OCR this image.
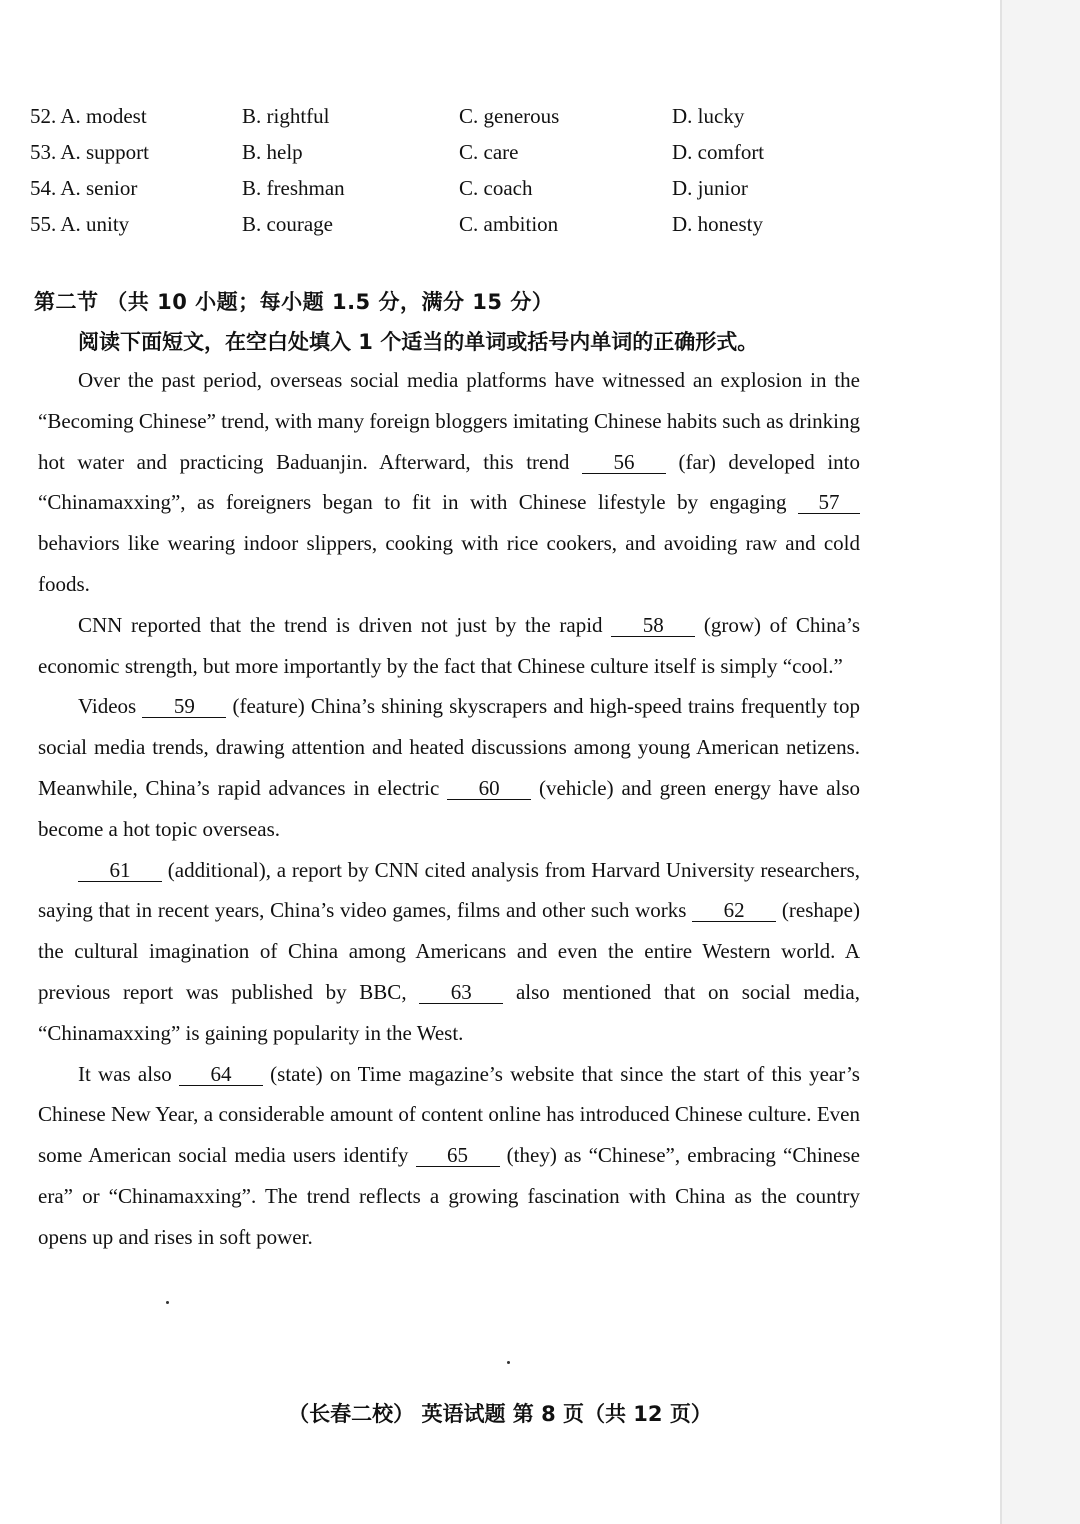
52. A. modest	B. rightful	C. generous	D. lucky
53. A. support	B. help	C. care	D. comfort
54. A. senior	B. freshman	C. coach	D. junior
55. A. unity	B. courage	C. ambition	D. honesty
第二节 （共 10 小题；每小题 1.5 分，满分 15 分）
阅读下面短文，在空白处填入 1 个适当的单词或括号内单词的正确形式。

Over the past period, overseas social media platforms have witnessed an explosion in the “Becoming Chinese” trend, with many foreign bloggers imitating Chinese habits such as drinking hot water and practicing Baduanjin. Afterward, this trend 56 (far) developed into “Chinamaxxing”, as foreigners began to fit in with Chinese lifestyle by engaging 57 behaviors like wearing indoor slippers, cooking with rice cookers, and avoiding raw and cold foods.

CNN reported that the trend is driven not just by the rapid 58 (grow) of China’s economic strength, but more importantly by the fact that Chinese culture itself is simply “cool.”

Videos 59 (feature) China’s shining skyscrapers and high-speed trains frequently top social media trends, drawing attention and heated discussions among young American netizens. Meanwhile, China’s rapid advances in electric 60 (vehicle) and green energy have also become a hot topic overseas.

61 (additional), a report by CNN cited analysis from Harvard University researchers, saying that in recent years, China’s video games, films and other such works 62 (reshape) the cultural imagination of China among Americans and even the entire Western world. A previous report was published by BBC, 63 also mentioned that on social media, “Chinamaxxing” is gaining popularity in the West.

It was also 64 (state) on Time magazine’s website that since the start of this year’s Chinese New Year, a considerable amount of content online has introduced Chinese culture. Even some American social media users identify 65 (they) as “Chinese”, embracing “Chinese era” or “Chinamaxxing”. The trend reflects a growing fascination with China as the country opens up and rises in soft power.

（长春二校） 英语试题 第 8 页（共 12 页）
